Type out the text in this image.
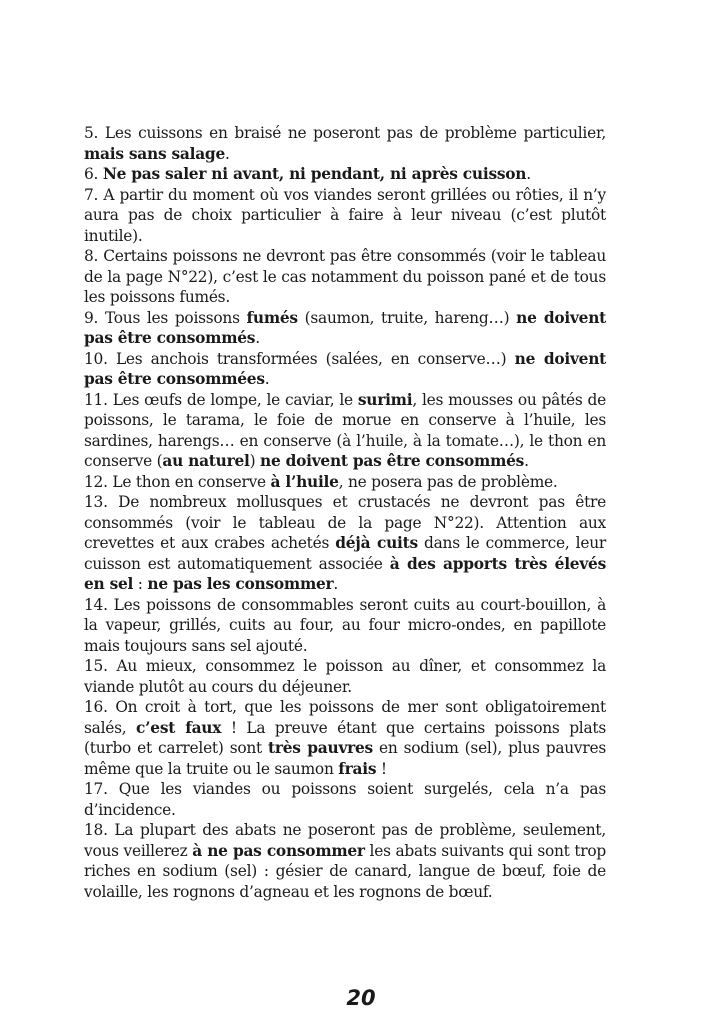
5. Les cuissons en braisé ne poseront pas de problème particulier, mais sans salage.

6. Ne pas saler ni avant, ni pendant, ni après cuisson.

7. A partir du moment où vos viandes seront grillées ou rôties, il n’y aura pas de choix particulier à faire à leur niveau (c’est plutôt inutile).

8. Certains poissons ne devront pas être consommés (voir le tableau de la page N°22), c’est le cas notamment du poisson pané et de tous les poissons fumés.

9. Tous les poissons fumés (saumon, truite, hareng…) ne doivent pas être consommés.

10. Les anchois transformées (salées, en conserve…) ne doivent pas être consommées.

11. Les œufs de lompe, le caviar, le surimi, les mousses ou pâtés de poissons, le tarama, le foie de morue en conserve à l’huile, les sardines, harengs… en conserve (à l’huile, à la tomate…), le thon en conserve (au naturel) ne doivent pas être consommés.

12. Le thon en conserve à l’huile, ne posera pas de problème.

13. De nombreux mollusques et crustacés ne devront pas être consommés (voir le tableau de la page N°22). Attention aux crevettes et aux crabes achetés déjà cuits dans le commerce, leur cuisson est automatiquement associée à des apports très élevés en sel : ne pas les consommer.

14. Les poissons de consommables seront cuits au court-bouillon, à la vapeur, grillés, cuits au four, au four micro-ondes, en papillote mais toujours sans sel ajouté.

15. Au mieux, consommez le poisson au dîner, et consommez la viande plutôt au cours du déjeuner.

16. On croit à tort, que les poissons de mer sont obligatoirement salés, c’est faux ! La preuve étant que certains poissons plats (turbo et carrelet) sont très pauvres en sodium (sel), plus pauvres même que la truite ou le saumon frais !

17. Que les viandes ou poissons soient surgelés, cela n’a pas d’incidence.

18. La plupart des abats ne poseront pas de problème, seulement, vous veillerez à ne pas consommer les abats suivants qui sont trop riches en sodium (sel) : gésier de canard, langue de bœuf, foie de volaille, les rognons d’agneau et les rognons de bœuf.

20
